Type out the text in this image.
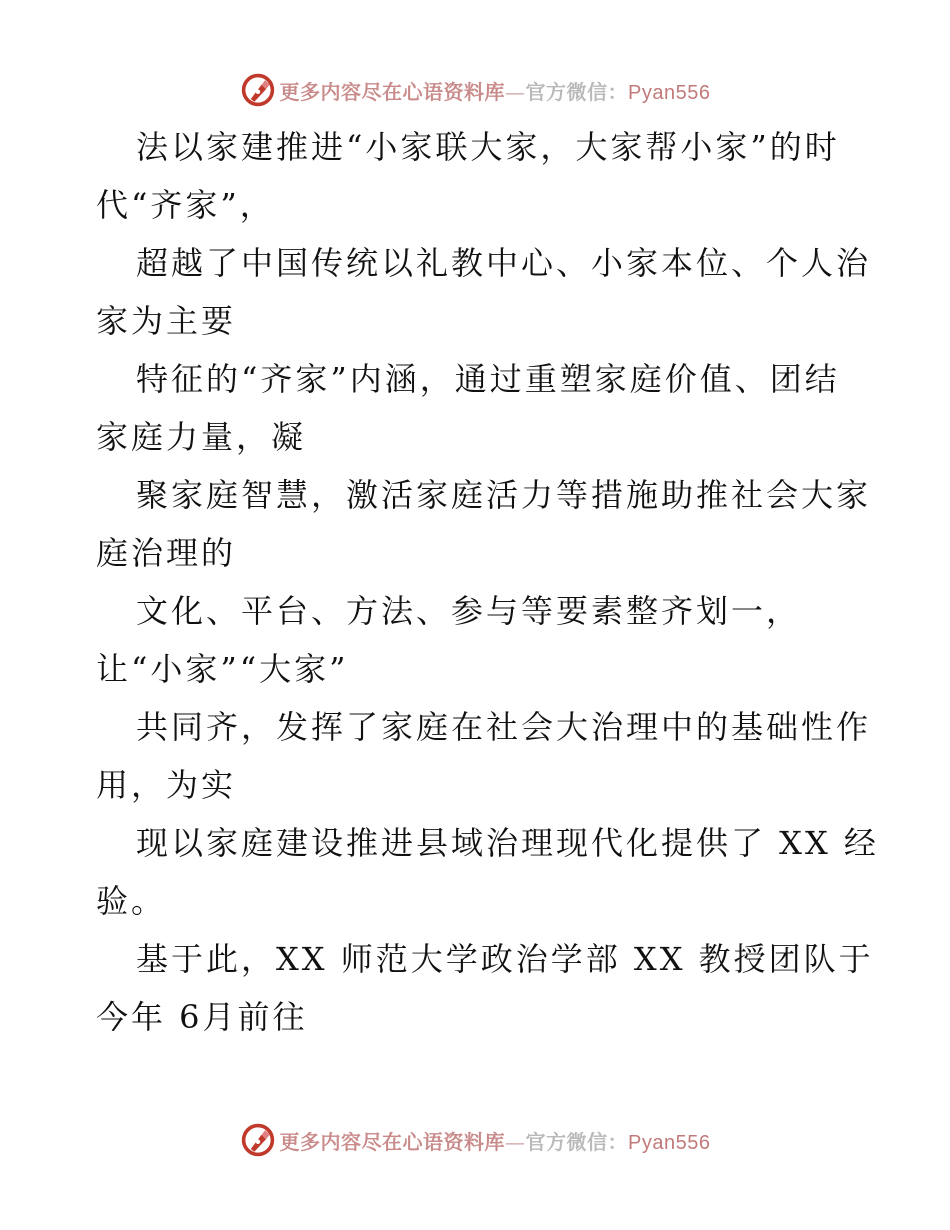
更多内容尽在心语资料库—官方微信：Pyan556
法以家建推进“小家联大家，大家帮小家”的时
代“齐家”，
超越了中国传统以礼教中心、小家本位、个人治
家为主要
特征的“齐家”内涵，通过重塑家庭价值、团结
家庭力量，凝
聚家庭智慧，激活家庭活力等措施助推社会大家
庭治理的
文化、平台、方法、参与等要素整齐划一，
让“小家”“大家”
共同齐，发挥了家庭在社会大治理中的基础性作
用，为实
现以家庭建设推进县域治理现代化提供了 XX 经
验。
基于此，XX 师范大学政治学部 XX 教授团队于
今年 6月前往
更多内容尽在心语资料库—官方微信：Pyan556
